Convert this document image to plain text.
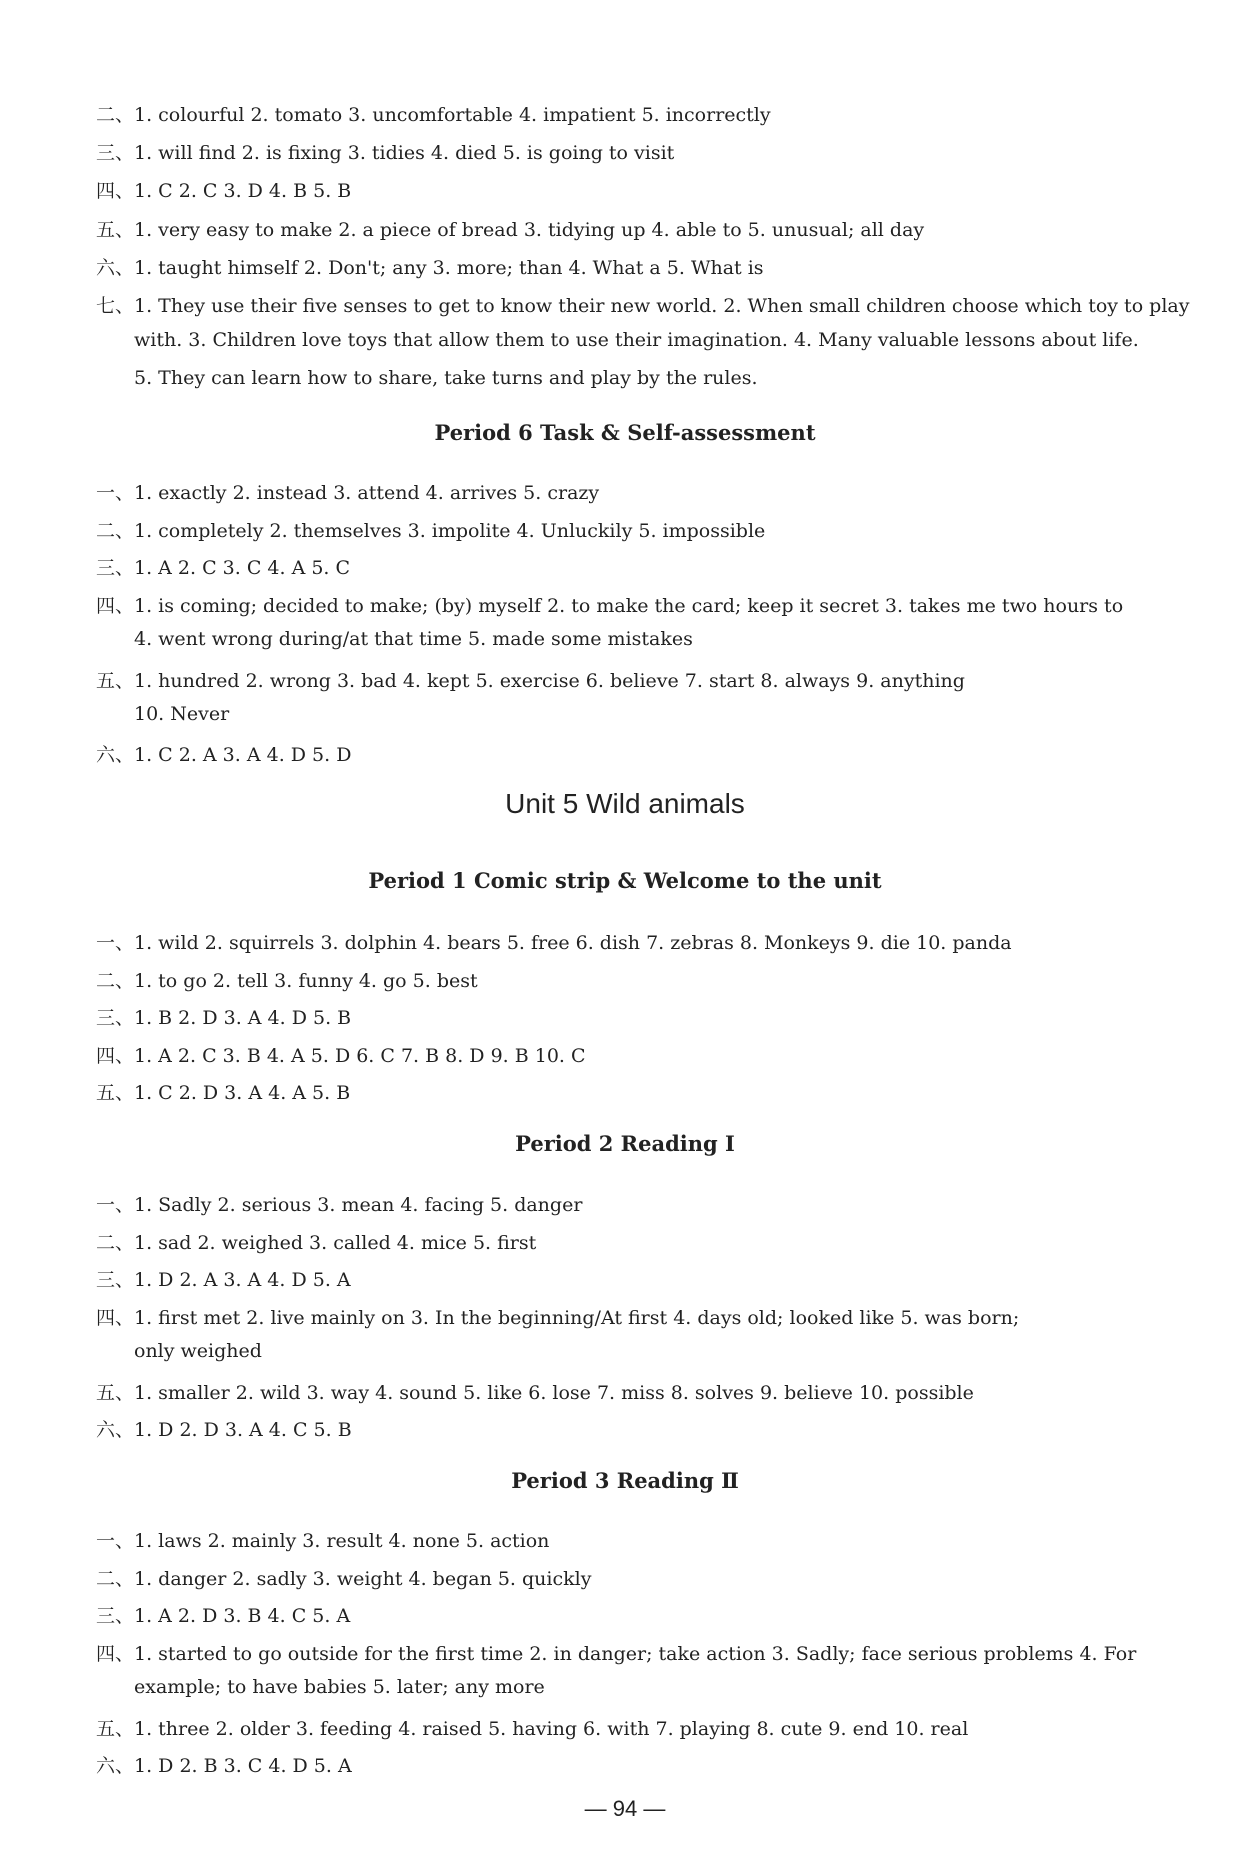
二、1. colourful 2. tomato 3. uncomfortable 4. impatient 5. incorrectly
三、1. will find 2. is fixing 3. tidies 4. died 5. is going to visit
四、1. C 2. C 3. D 4. B 5. B
五、1. very easy to make 2. a piece of bread 3. tidying up 4. able to 5. unusual; all day
六、1. taught himself 2. Don't; any 3. more; than 4. What a 5. What is
七、1. They use their five senses to get to know their new world. 2. When small children choose which toy to play
with. 3. Children love toys that allow them to use their imagination. 4. Many valuable lessons about life.
5. They can learn how to share, take turns and play by the rules.
一、1. exactly 2. instead 3. attend 4. arrives 5. crazy
二、1. completely 2. themselves 3. impolite 4. Unluckily 5. impossible
三、1. A 2. C 3. C 4. A 5. C
四、1. is coming; decided to make; (by) myself 2. to make the card; keep it secret 3. takes me two hours to
4. went wrong during/at that time 5. made some mistakes
五、1. hundred 2. wrong 3. bad 4. kept 5. exercise 6. believe 7. start 8. always 9. anything
10. Never
六、1. C 2. A 3. A 4. D 5. D
一、1. wild 2. squirrels 3. dolphin 4. bears 5. free 6. dish 7. zebras 8. Monkeys 9. die 10. panda
二、1. to go 2. tell 3. funny 4. go 5. best
三、1. B 2. D 3. A 4. D 5. B
四、1. A 2. C 3. B 4. A 5. D 6. C 7. B 8. D 9. B 10. C
五、1. C 2. D 3. A 4. A 5. B
一、1. Sadly 2. serious 3. mean 4. facing 5. danger
二、1. sad 2. weighed 3. called 4. mice 5. first
三、1. D 2. A 3. A 4. D 5. A
四、1. first met 2. live mainly on 3. In the beginning/At first 4. days old; looked like 5. was born;
only weighed
五、1. smaller 2. wild 3. way 4. sound 5. like 6. lose 7. miss 8. solves 9. believe 10. possible
六、1. D 2. D 3. A 4. C 5. B
一、1. laws 2. mainly 3. result 4. none 5. action
二、1. danger 2. sadly 3. weight 4. began 5. quickly
三、1. A 2. D 3. B 4. C 5. A
四、1. started to go outside for the first time 2. in danger; take action 3. Sadly; face serious problems 4. For
example; to have babies 5. later; any more
五、1. three 2. older 3. feeding 4. raised 5. having 6. with 7. playing 8. cute 9. end 10. real
六、1. D 2. B 3. C 4. D 5. A
Period 6 Task & Self-assessment
Unit 5 Wild animals
Period 1 Comic strip & Welcome to the unit
Period 2 Reading Ⅰ
Period 3 Reading Ⅱ
— 94 —
